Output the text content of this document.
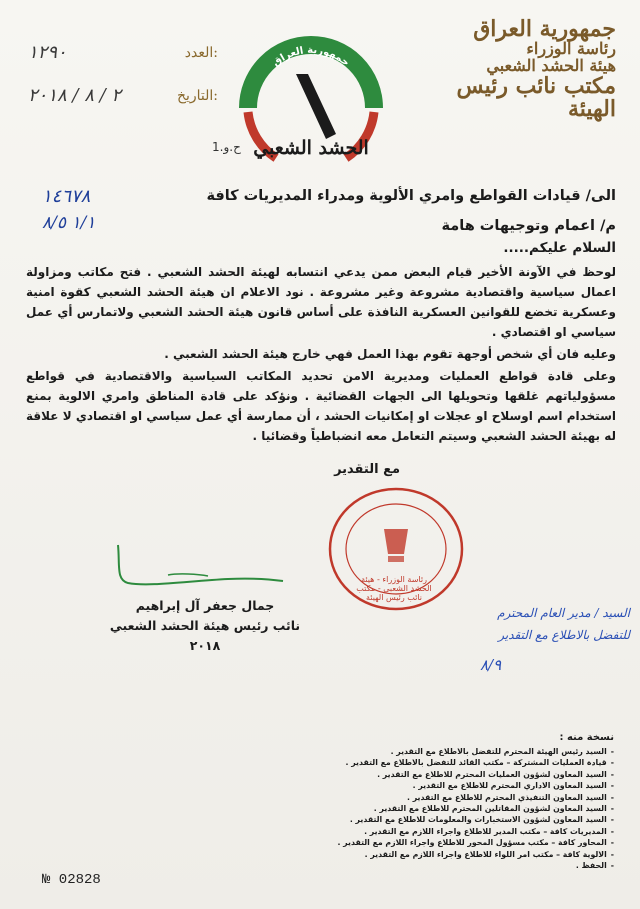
جمهورية العراق
رئاسة الوزراء
هيئة الحشد الشعبي
مكتب نائب رئيس الهيئة
١٢٩٠	العدد:
٢ / ٨ / ٢٠١٨	التاريخ:
جمهورية العراق
الحشد الشعبي
ح.و.1
الى/ قيادات القواطع وامري الألوية ومدراء المديريات كافة
م/ اعمام وتوجيهات هامة
١٤٦٧٨
١/١ ٨/٥
السلام عليكم.....

لوحظ في الآونة الأخير قيام البعض ممن يدعي انتسابه لهيئة الحشد الشعبي . فتح مكاتب ومزاولة اعمال سياسية واقتصادية مشروعة وغير مشروعة . نود الاعلام ان هيئة الحشد الشعبي كقوة امنية وعسكرية تخضع للقوانين العسكرية النافذة على أساس قانون هيئة الحشد الشعبي ولاتمارس أي عمل سياسي او اقتصادي .

وعليه فان أي شخص أوجهة تقوم بهذا العمل فهي خارج هيئة الحشد الشعبي .

وعلى قادة قواطع العمليات ومديرية الامن تحديد المكاتب السياسية والاقتصادية في قواطع مسؤولياتهم غلقها وتحويلها الى الجهات القضائية . ونؤكد على قادة المناطق وامري الالوية بمنع استخدام اسم اوسلاح او عجلات او إمكانيات الحشد ، أن ممارسة أي عمل سياسي او اقتصادي لا علاقة له بهيئة الحشد الشعبي وسيتم التعامل معه انضباطياً وقضائيا .

مع التقدير
جمال جعفر آل إبراهيم
نائب رئيس هيئة الحشد الشعبي
٢٠١٨
رئاسة الوزراء - هيئة الحشد الشعبي - مكتب نائب رئيس الهيئة
السيد / مدير العام المحترم
للتفضل بالاطلاع مع التقدير
٨/٩
نسخة منه :
- السيد رئيس الهيئة المحترم للتفضل بالاطلاع مع التقدير .
- قيادة العمليات المشتركة – مكتب القائد للتفضل بالاطلاع مع التقدير .
- السيد المعاون لشؤون العمليات المحترم للاطلاع مع التقدير .
- السيد المعاون الاداري المحترم للاطلاع مع التقدير .
- السيد المعاون التنفيذي المحترم للاطلاع مع التقدير .
- السيد المعاون لشؤون المقاتلين المحترم للاطلاع مع التقدير .
- السيد المعاون لشؤون الاستخبارات والمعلومات للاطلاع مع التقدير .
- المديريات كافة – مكتب المدير للاطلاع واجراء اللازم مع التقدير .
- المحاور كافة – مكتب مسؤول المحور للاطلاع واجراء اللازم مع التقدير .
- الالوية كافة – مكتب امر اللواء للاطلاع واجراء اللازم مع التقدير .
- الحفظ .
№ 02828
